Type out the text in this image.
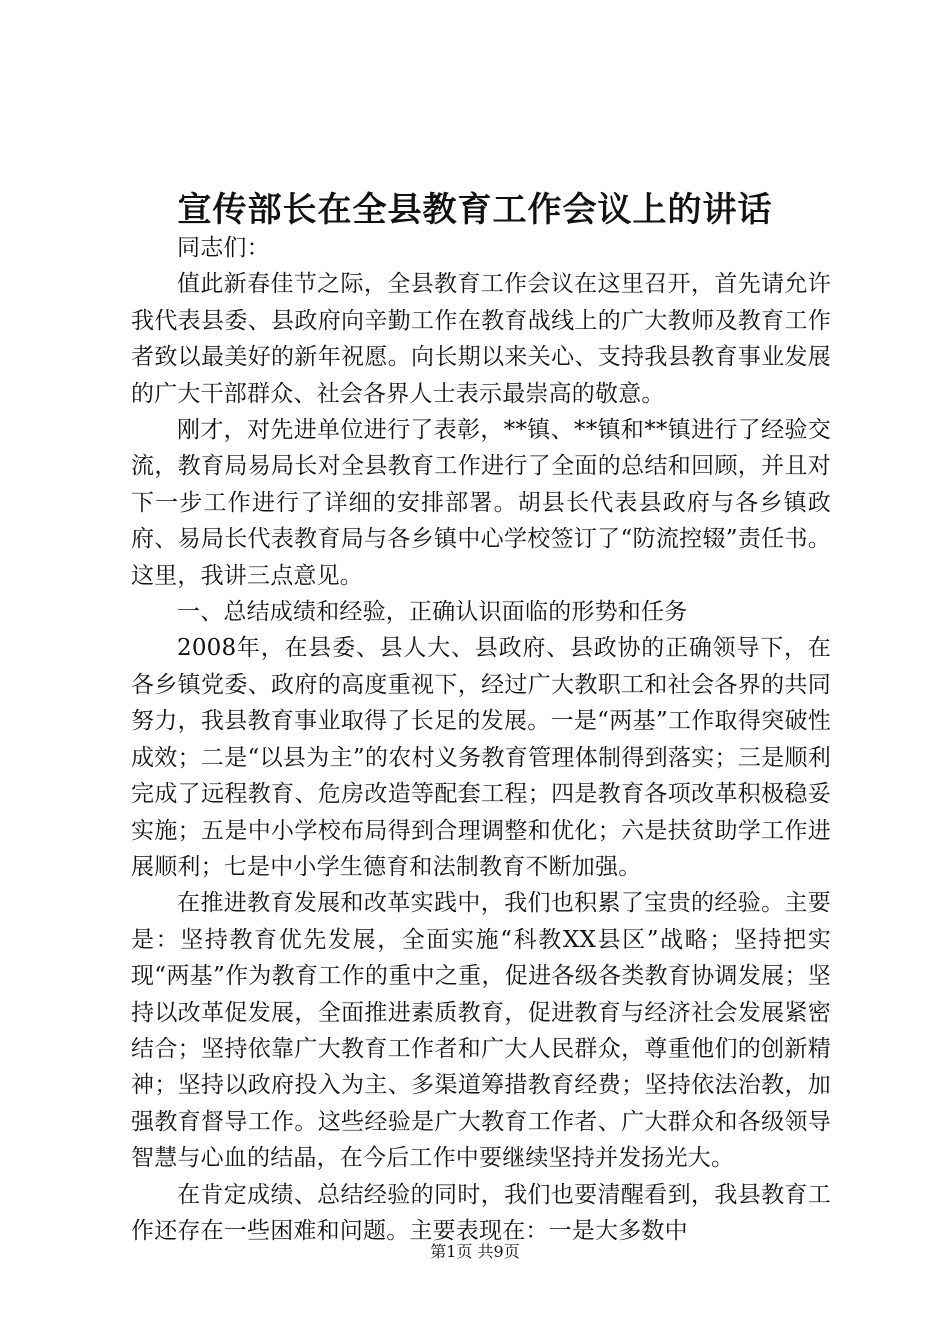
宣传部长在全县教育工作会议上的讲话

同志们：

值此新春佳节之际，全县教育工作会议在这里召开，首先请允许我代表县委、县政府向辛勤工作在教育战线上的广大教师及教育工作者致以最美好的新年祝愿。向长期以来关心、支持我县教育事业发展的广大干部群众、社会各界人士表示最崇高的敬意。

刚才，对先进单位进行了表彰，**镇、**镇和**镇进行了经验交流，教育局易局长对全县教育工作进行了全面的总结和回顾，并且对下一步工作进行了详细的安排部署。胡县长代表县政府与各乡镇政府、易局长代表教育局与各乡镇中心学校签订了“防流控辍”责任书。这里，我讲三点意见。

一、总结成绩和经验，正确认识面临的形势和任务

2008年，在县委、县人大、县政府、县政协的正确领导下，在各乡镇党委、政府的高度重视下，经过广大教职工和社会各界的共同努力，我县教育事业取得了长足的发展。一是“两基”工作取得突破性成效；二是“以县为主”的农村义务教育管理体制得到落实；三是顺利完成了远程教育、危房改造等配套工程；四是教育各项改革积极稳妥实施；五是中小学校布局得到合理调整和优化；六是扶贫助学工作进展顺利；七是中小学生德育和法制教育不断加强。

在推进教育发展和改革实践中，我们也积累了宝贵的经验。主要是：坚持教育优先发展，全面实施“科教XX县区”战略；坚持把实现“两基”作为教育工作的重中之重，促进各级各类教育协调发展；坚持以改革促发展，全面推进素质教育，促进教育与经济社会发展紧密结合；坚持依靠广大教育工作者和广大人民群众，尊重他们的创新精神；坚持以政府投入为主、多渠道筹措教育经费；坚持依法治教，加强教育督导工作。这些经验是广大教育工作者、广大群众和各级领导智慧与心血的结晶，在今后工作中要继续坚持并发扬光大。

在肯定成绩、总结经验的同时，我们也要清醒看到，我县教育工作还存在一些困难和问题。主要表现在：一是大多数中

第1页 共9页
